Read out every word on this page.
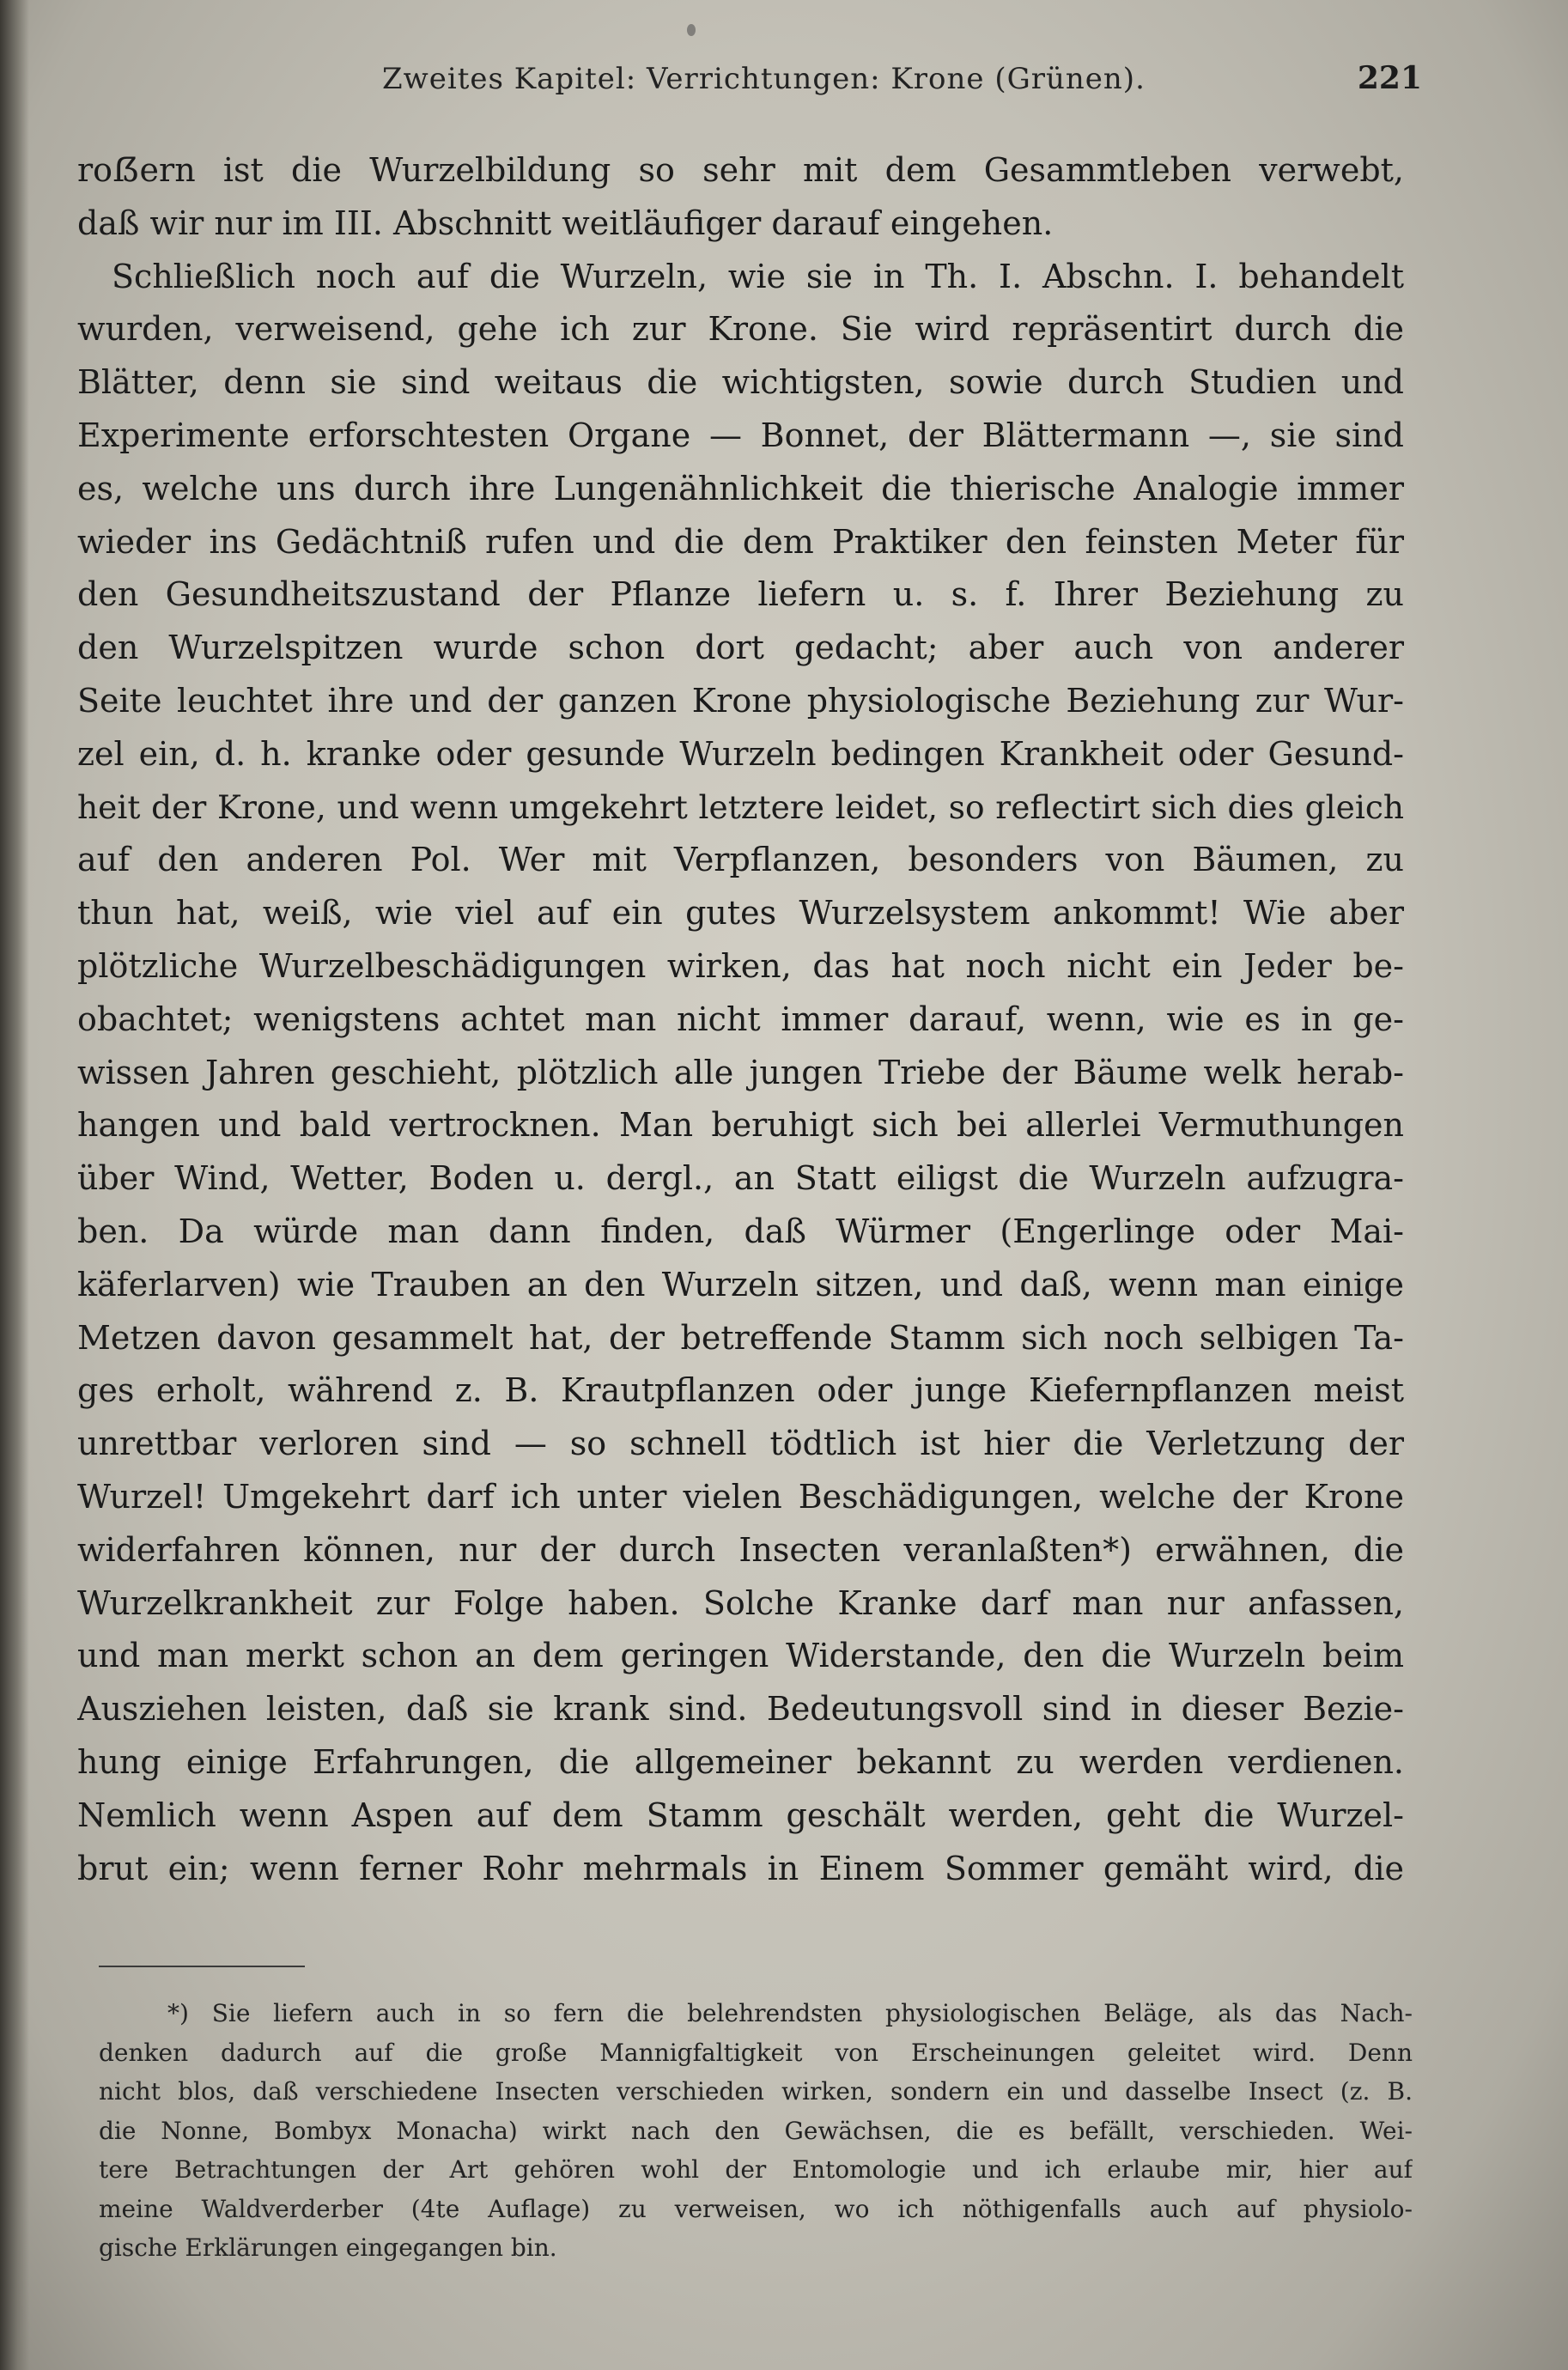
Zweites Kapitel: Verrichtungen: Krone (Grünen).	221
roẞern ist die Wurzelbildung so sehr mit dem Gesammtleben verwebt,
daß wir nur im III. Abschnitt weitläufiger darauf eingehen.
Schließlich noch auf die Wurzeln, wie sie in Th. I. Abschn. I. behandelt
wurden, verweisend, gehe ich zur Krone. Sie wird repräsentirt durch die
Blätter, denn sie sind weitaus die wichtigsten, sowie durch Studien und
Experimente erforschtesten Organe — Bonnet, der Blättermann —, sie sind
es, welche uns durch ihre Lungenähnlichkeit die thierische Analogie immer
wieder ins Gedächtniß rufen und die dem Praktiker den feinsten Meter für
den Gesundheitszustand der Pflanze liefern u. s. f. Ihrer Beziehung zu
den Wurzelspitzen wurde schon dort gedacht; aber auch von anderer
Seite leuchtet ihre und der ganzen Krone physiologische Beziehung zur Wur-
zel ein, d. h. kranke oder gesunde Wurzeln bedingen Krankheit oder Gesund-
heit der Krone, und wenn umgekehrt letztere leidet, so reflectirt sich dies gleich
auf den anderen Pol. Wer mit Verpflanzen, besonders von Bäumen, zu
thun hat, weiß, wie viel auf ein gutes Wurzelsystem ankommt! Wie aber
plötzliche Wurzelbeschädigungen wirken, das hat noch nicht ein Jeder be-
obachtet; wenigstens achtet man nicht immer darauf, wenn, wie es in ge-
wissen Jahren geschieht, plötzlich alle jungen Triebe der Bäume welk herab-
hangen und bald vertrocknen. Man beruhigt sich bei allerlei Vermuthungen
über Wind, Wetter, Boden u. dergl., an Statt eiligst die Wurzeln aufzugra-
ben. Da würde man dann finden, daß Würmer (Engerlinge oder Mai-
käferlarven) wie Trauben an den Wurzeln sitzen, und daß, wenn man einige
Metzen davon gesammelt hat, der betreffende Stamm sich noch selbigen Ta-
ges erholt, während z. B. Krautpflanzen oder junge Kiefernpflanzen meist
unrettbar verloren sind — so schnell tödtlich ist hier die Verletzung der
Wurzel! Umgekehrt darf ich unter vielen Beschädigungen, welche der Krone
widerfahren können, nur der durch Insecten veranlaßten*) erwähnen, die
Wurzelkrankheit zur Folge haben. Solche Kranke darf man nur anfassen,
und man merkt schon an dem geringen Widerstande, den die Wurzeln beim
Ausziehen leisten, daß sie krank sind. Bedeutungsvoll sind in dieser Bezie-
hung einige Erfahrungen, die allgemeiner bekannt zu werden verdienen.
Nemlich wenn Aspen auf dem Stamm geschält werden, geht die Wurzel-
brut ein; wenn ferner Rohr mehrmals in Einem Sommer gemäht wird, die
*) Sie liefern auch in so fern die belehrendsten physiologischen Beläge, als das Nach-
denken dadurch auf die große Mannigfaltigkeit von Erscheinungen geleitet wird. Denn
nicht blos, daß verschiedene Insecten verschieden wirken, sondern ein und dasselbe Insect (z. B.
die Nonne, Bombyx Monacha) wirkt nach den Gewächsen, die es befällt, verschieden. Wei-
tere Betrachtungen der Art gehören wohl der Entomologie und ich erlaube mir, hier auf
meine Waldverderber (4te Auflage) zu verweisen, wo ich nöthigenfalls auch auf physiolo-
gische Erklärungen eingegangen bin.
